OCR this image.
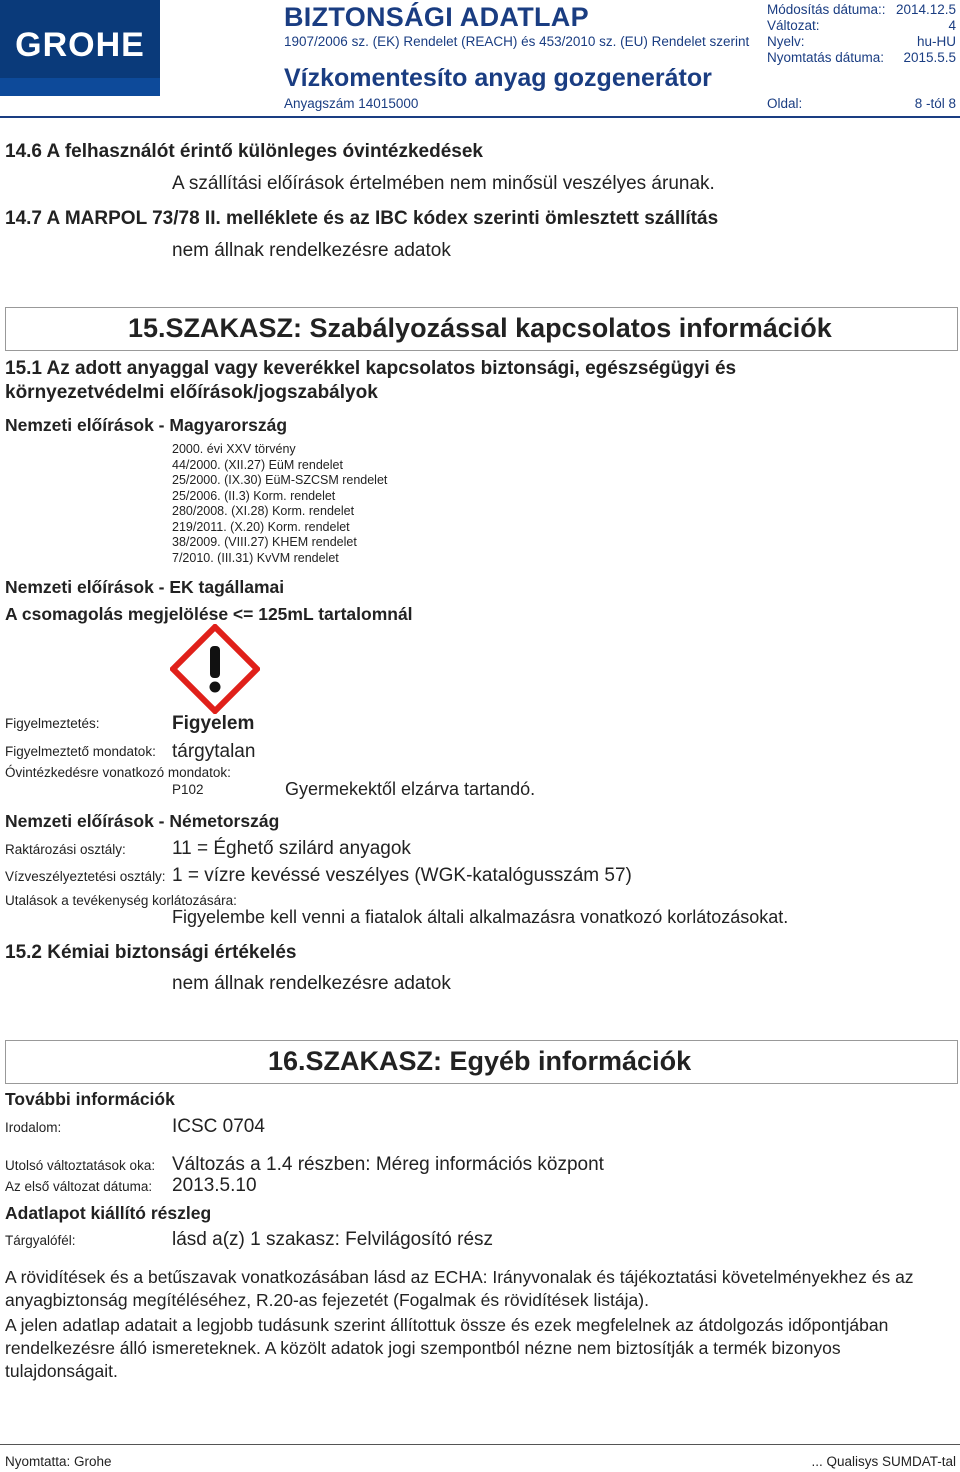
GROHE
BIZTONSÁGI ADATLAP
1907/2006 sz. (EK) Rendelet (REACH) és 453/2010 sz. (EU) Rendelet szerint
Vízkomentesíto anyag gozgenerátor
Anyagszám 14015000
Módosítás dátuma:: 2014.12.5
Változat:	4
Nyelv:	hu-HU
Nyomtatás dátuma:	2015.5.5
Oldal:	8 -tól 8
14.6 A felhasználót érintő különleges óvintézkedések
A szállítási előírások értelmében nem minősül veszélyes árunak.
14.7 A MARPOL 73/78 II. melléklete és az IBC kódex szerinti ömlesztett szállítás
nem állnak rendelkezésre adatok
15.SZAKASZ: Szabályozással kapcsolatos információk
15.1 Az adott anyaggal vagy keverékkel kapcsolatos biztonsági, egészségügyi és
környezetvédelmi előírások/jogszabályok
Nemzeti előírások - Magyarország
2000. évi XXV törvény
44/2000. (XII.27) EüM rendelet
25/2000. (IX.30) EüM-SZCSM rendelet
25/2006. (II.3) Korm. rendelet
280/2008. (XI.28) Korm. rendelet
219/2011. (X.20) Korm. rendelet
38/2009. (VIII.27) KHEM rendelet
7/2010. (III.31) KvVM rendelet
Nemzeti előírások - EK tagállamai
A csomagolás megjelölése <= 125mL tartalomnál
Figyelmeztetés:	Figyelem
Figyelmeztető mondatok: tárgytalan
Óvintézkedésre vonatkozó mondatok:
P102	Gyermekektől elzárva tartandó.
Nemzeti előírások - Németország
Raktározási osztály: 11 = Éghető szilárd anyagok
Vízveszélyeztetési osztály: 1 = vízre kevéssé veszélyes (WGK-katalógusszám 57)
Utalások a tevékenység korlátozására:
Figyelembe kell venni a fiatalok általi alkalmazásra vonatkozó korlátozásokat.
15.2 Kémiai biztonsági értékelés
nem állnak rendelkezésre adatok
16.SZAKASZ: Egyéb információk
További információk
Irodalom:	ICSC 0704
Utolsó változtatások oka: Változás a 1.4 részben: Méreg információs központ
Az első változat dátuma: 2013.5.10
Adatlapot kiállító részleg
Tárgyalófél:	lásd a(z) 1 szakasz: Felvilágosító rész
A rövidítések és a betűszavak vonatkozásában lásd az ECHA: Irányvonalak és tájékoztatási követelményekhez és az anyagbiztonság megítéléséhez, R.20-as fejezetét (Fogalmak és rövidítések listája).
A jelen adatlap adatait a legjobb tudásunk szerint állítottuk össze és ezek megfelelnek az átdolgozás időpontjában rendelkezésre álló ismereteknek. A közölt adatok jogi szempontból nézne nem biztosítják a termék bizonyos tulajdonságait.
Nyomtatta: Grohe	... Qualisys SUMDAT-tal
